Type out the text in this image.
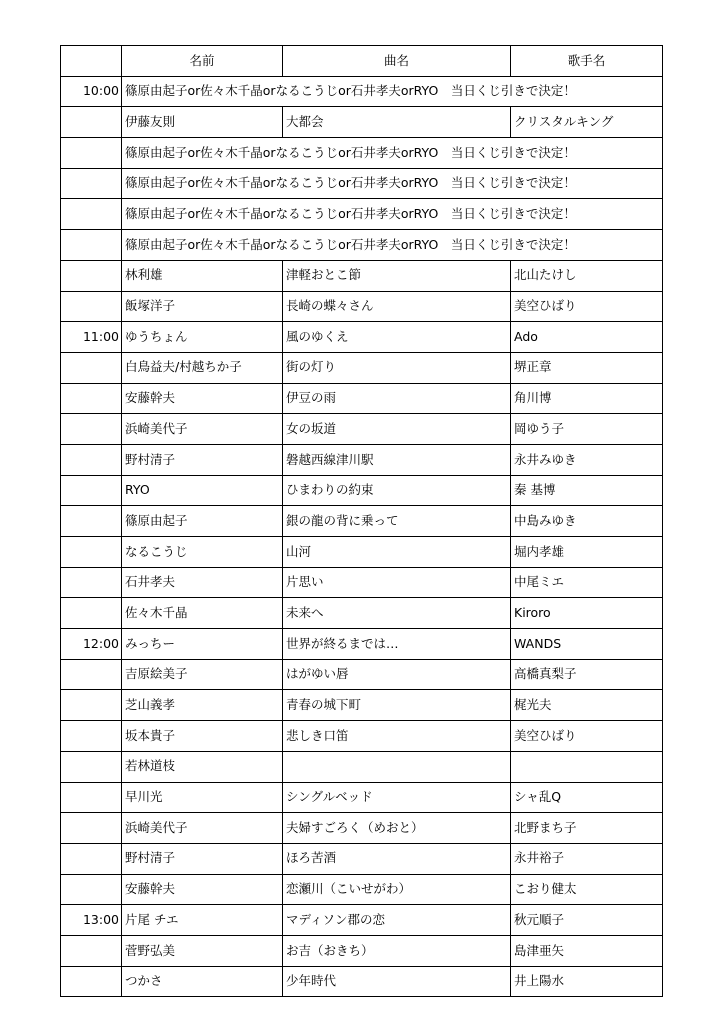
	名前	曲名	歌手名
10:00	篠原由起子or佐々木千晶orなるこうじor石井孝夫orRYO　当日くじ引きで決定！		
	伊藤友則	大都会	クリスタルキング
	篠原由起子or佐々木千晶orなるこうじor石井孝夫orRYO　当日くじ引きで決定！		
	篠原由起子or佐々木千晶orなるこうじor石井孝夫orRYO　当日くじ引きで決定！		
	篠原由起子or佐々木千晶orなるこうじor石井孝夫orRYO　当日くじ引きで決定！		
	篠原由起子or佐々木千晶orなるこうじor石井孝夫orRYO　当日くじ引きで決定！		
	林利雄	津軽おとこ節	北山たけし
	飯塚洋子	長崎の蝶々さん	美空ひばり
11:00	ゆうちょん	風のゆくえ	Ado
	白鳥益夫/村越ちか子	街の灯り	堺正章
	安藤幹夫	伊豆の雨	角川博
	浜崎美代子	女の坂道	岡ゆう子
	野村清子	磐越西線津川駅	永井みゆき
	RYO	ひまわりの約束	秦 基博
	篠原由起子	銀の龍の背に乗って	中島みゆき
	なるこうじ	山河	堀内孝雄
	石井孝夫	片思い	中尾ミエ
	佐々木千晶	未来へ	Kiroro
12:00	みっちー	世界が終るまでは…	WANDS
	吉原絵美子	はがゆい唇	高橋真梨子
	芝山義孝	青春の城下町	梶光夫
	坂本貴子	悲しき口笛	美空ひばり
	若林道枝		
	早川光	シングルベッド	シャ乱Q
	浜崎美代子	夫婦すごろく（めおと）	北野まち子
	野村清子	ほろ苦酒	永井裕子
	安藤幹夫	恋瀬川（こいせがわ）	こおり健太
13:00	片尾 チエ	マディソン郡の恋	秋元順子
	菅野弘美	お吉（おきち）	島津亜矢
	つかさ	少年時代	井上陽水
